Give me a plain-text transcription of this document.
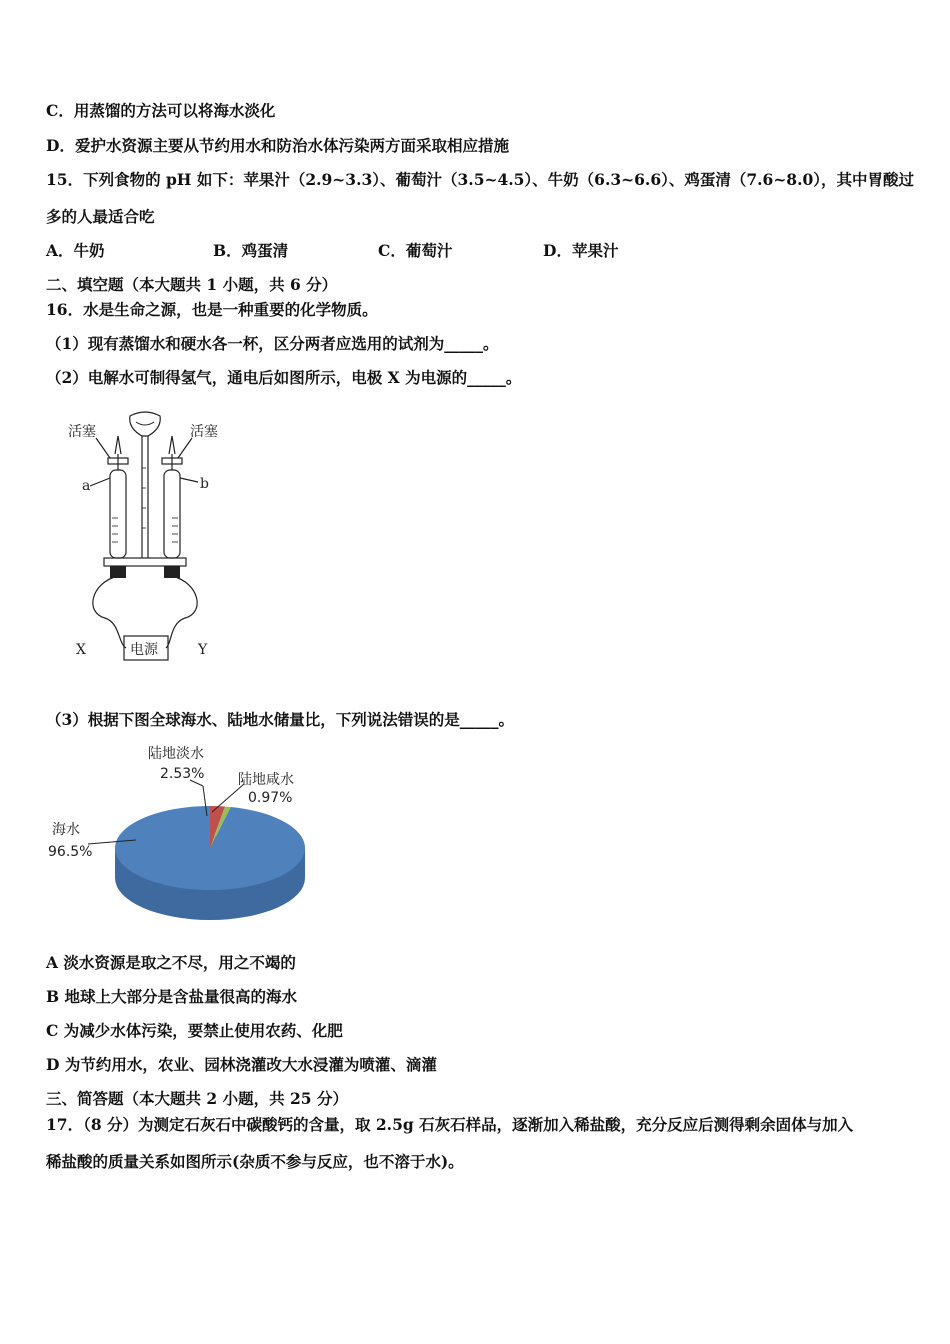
C．用蒸馏的方法可以将海水淡化
D．爱护水资源主要从节约用水和防治水体污染两方面采取相应措施
15．下列食物的 pH 如下：苹果汁（2.9~3.3）、葡萄汁（3.5~4.5）、牛奶（6.3~6.6）、鸡蛋清（7.6~8.0），其中胃酸过
多的人最适合吃
A．牛奶	B．鸡蛋清	C．葡萄汁	D．苹果汁
二、填空题（本大题共 1 小题，共 6 分）
16．水是生命之源，也是一种重要的化学物质。
（1）现有蒸馏水和硬水各一杯，区分两者应选用的试剂为_____。
（2）电解水可制得氢气，通电后如图所示，电极 X 为电源的_____。
活塞	活塞
a	b
X	Y
电源
（3）根据下图全球海水、陆地水储量比，下列说法错误的是_____。
海水
96.5%
陆地淡水
2.53% 陆地咸水
0.97%
A 淡水资源是取之不尽，用之不竭的
B 地球上大部分是含盐量很高的海水
C 为减少水体污染，要禁止使用农药、化肥
D 为节约用水，农业、园林浇灌改大水浸灌为喷灌、滴灌
三、简答题（本大题共 2 小题，共 25 分）
17．（8 分）为测定石灰石中碳酸钙的含量，取 2.5g 石灰石样品，逐渐加入稀盐酸，充分反应后测得剩余固体与加入
稀盐酸的质量关系如图所示(杂质不参与反应，也不溶于水)。
